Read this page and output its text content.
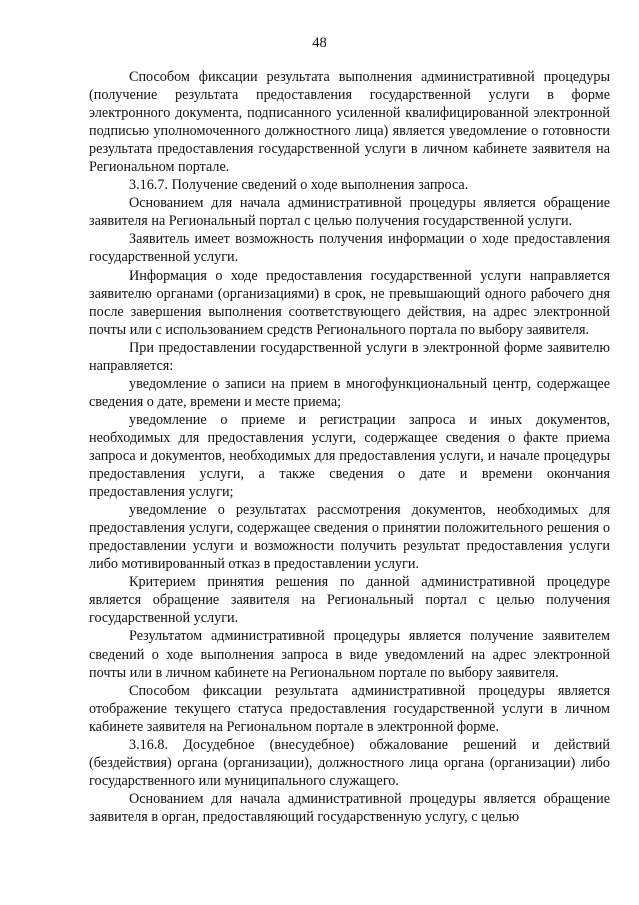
48

Способом фиксации результата выполнения административной процедуры (получение результата предоставления государственной услуги в форме электронного документа, подписанного усиленной квалифицированной электронной подписью уполномоченного должностного лица) является уведомление о готовности результата предоставления государственной услуги в личном кабинете заявителя на Региональном портале.

3.16.7. Получение сведений о ходе выполнения запроса.

Основанием для начала административной процедуры является обращение заявителя на Региональный портал с целью получения государственной услуги.

Заявитель имеет возможность получения информации о ходе предоставления государственной услуги.

Информация о ходе предоставления государственной услуги направляется заявителю органами (организациями) в срок, не превышающий одного рабочего дня после завершения выполнения соответствующего действия, на адрес электронной почты или с использованием средств Регионального портала по выбору заявителя.

При предоставлении государственной услуги в электронной форме заявителю направляется:

уведомление о записи на прием в многофункциональный центр, содержащее сведения о дате, времени и месте приема;

уведомление о приеме и регистрации запроса и иных документов, необходимых для предоставления услуги, содержащее сведения о факте приема запроса и документов, необходимых для предоставления услуги, и начале процедуры предоставления услуги, а также сведения о дате и времени окончания предоставления услуги;

уведомление о результатах рассмотрения документов, необходимых для предоставления услуги, содержащее сведения о принятии положительного решения о предоставлении услуги и возможности получить результат предоставления услуги либо мотивированный отказ в предоставлении услуги.

Критерием принятия решения по данной административной процедуре является обращение заявителя на Региональный портал с целью получения государственной услуги.

Результатом административной процедуры является получение заявителем сведений о ходе выполнения запроса в виде уведомлений на адрес электронной почты или в личном кабинете на Региональном портале по выбору заявителя.

Способом фиксации результата административной процедуры является отображение текущего статуса предоставления государственной услуги в личном кабинете заявителя на Региональном портале в электронной форме.

3.16.8. Досудебное (внесудебное) обжалование решений и действий (бездействия) органа (организации), должностного лица органа (организации) либо государственного или муниципального служащего.

Основанием для начала административной процедуры является обращение заявителя в орган, предоставляющий государственную услугу, с целью
